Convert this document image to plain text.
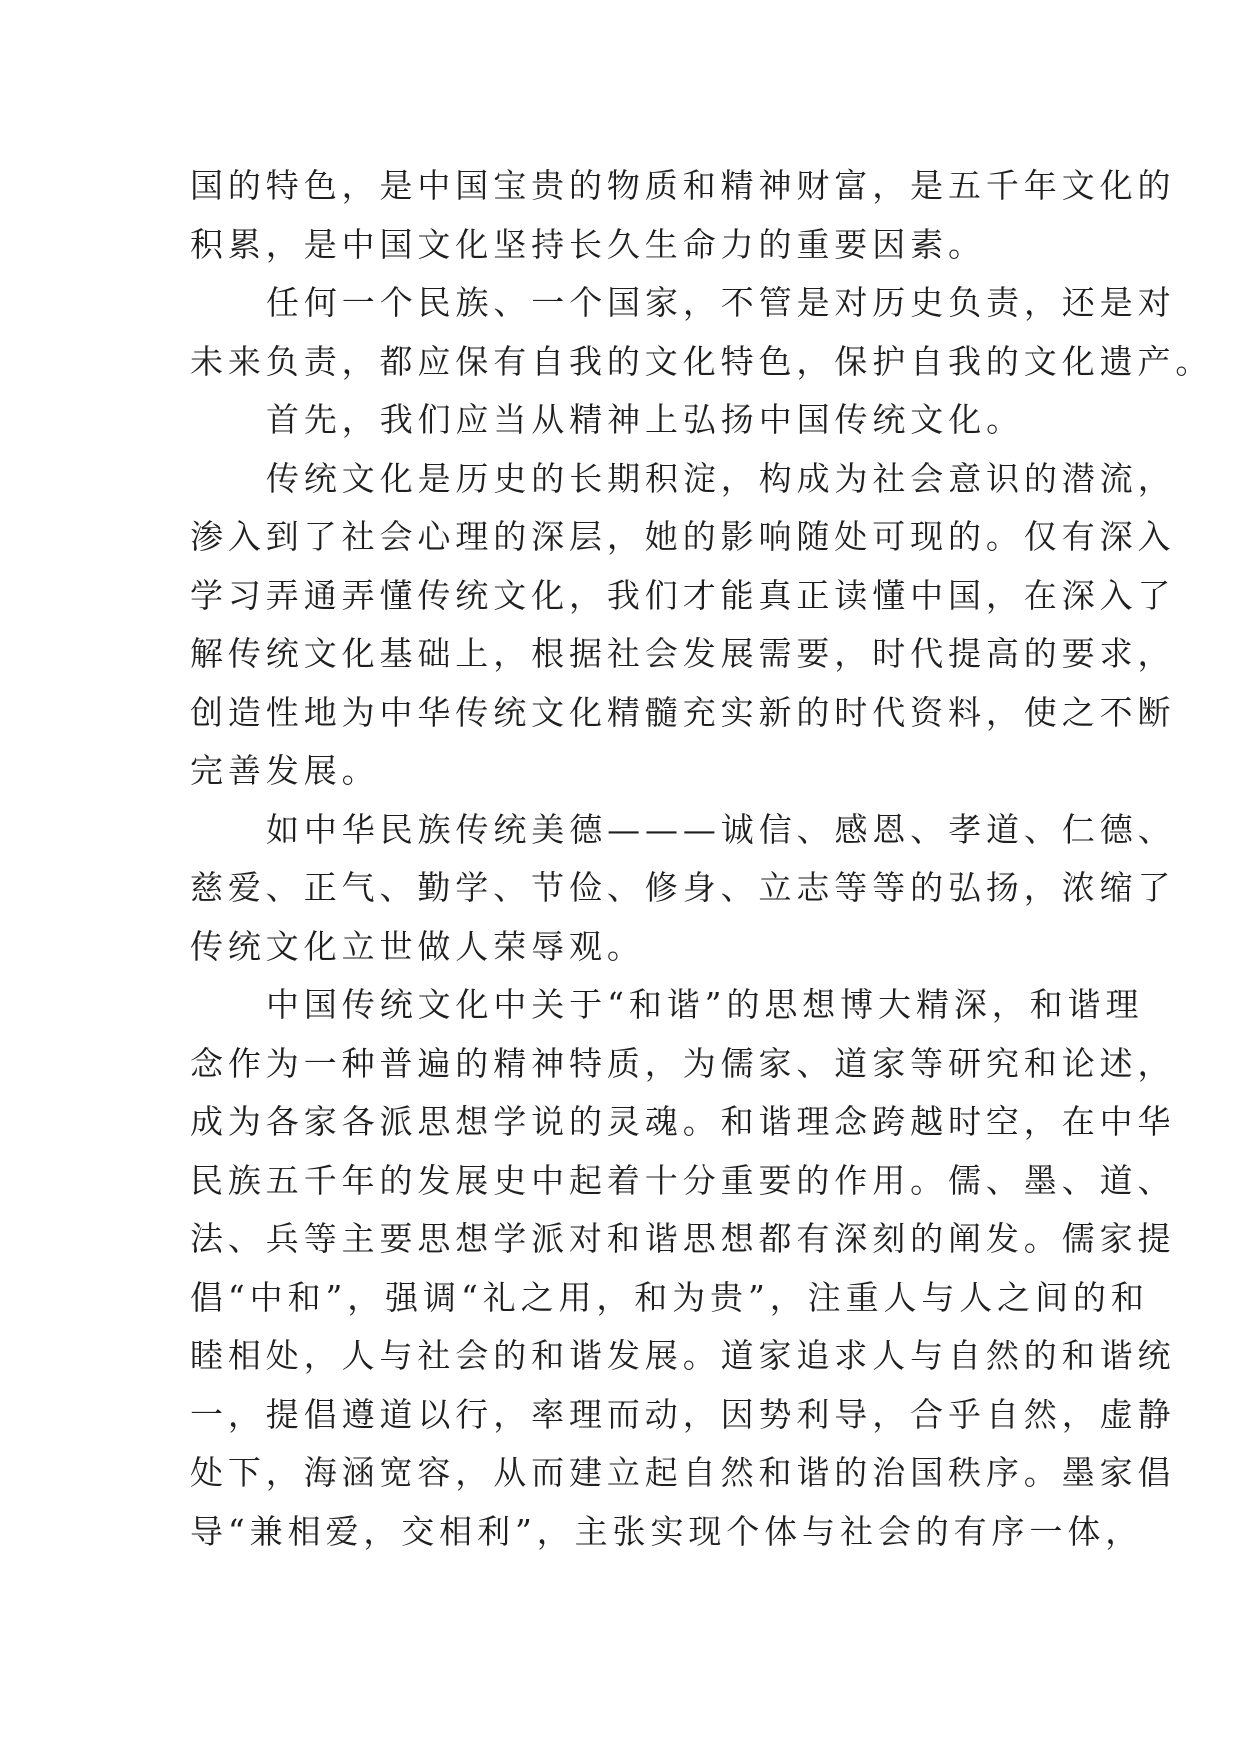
国的特色，是中国宝贵的物质和精神财富，是五千年文化的
积累，是中国文化坚持长久生命力的重要因素。
任何一个民族、一个国家，不管是对历史负责，还是对
未来负责，都应保有自我的文化特色，保护自我的文化遗产。
首先，我们应当从精神上弘扬中国传统文化。
传统文化是历史的长期积淀，构成为社会意识的潜流，
渗入到了社会心理的深层，她的影响随处可现的。仅有深入
学习弄通弄懂传统文化，我们才能真正读懂中国，在深入了
解传统文化基础上，根据社会发展需要，时代提高的要求，
创造性地为中华传统文化精髓充实新的时代资料，使之不断
完善发展。
如中华民族传统美德———诚信、感恩、孝道、仁德、
慈爱、正气、勤学、节俭、修身、立志等等的弘扬，浓缩了
传统文化立世做人荣辱观。
中国传统文化中关于“和谐”的思想博大精深，和谐理
念作为一种普遍的精神特质，为儒家、道家等研究和论述，
成为各家各派思想学说的灵魂。和谐理念跨越时空，在中华
民族五千年的发展史中起着十分重要的作用。儒、墨、道、
法、兵等主要思想学派对和谐思想都有深刻的阐发。儒家提
倡“中和”，强调“礼之用，和为贵”，注重人与人之间的和
睦相处，人与社会的和谐发展。道家追求人与自然的和谐统
一，提倡遵道以行，率理而动，因势利导，合乎自然，虚静
处下，海涵宽容，从而建立起自然和谐的治国秩序。墨家倡
导“兼相爱，交相利”，主张实现个体与社会的有序一体，
